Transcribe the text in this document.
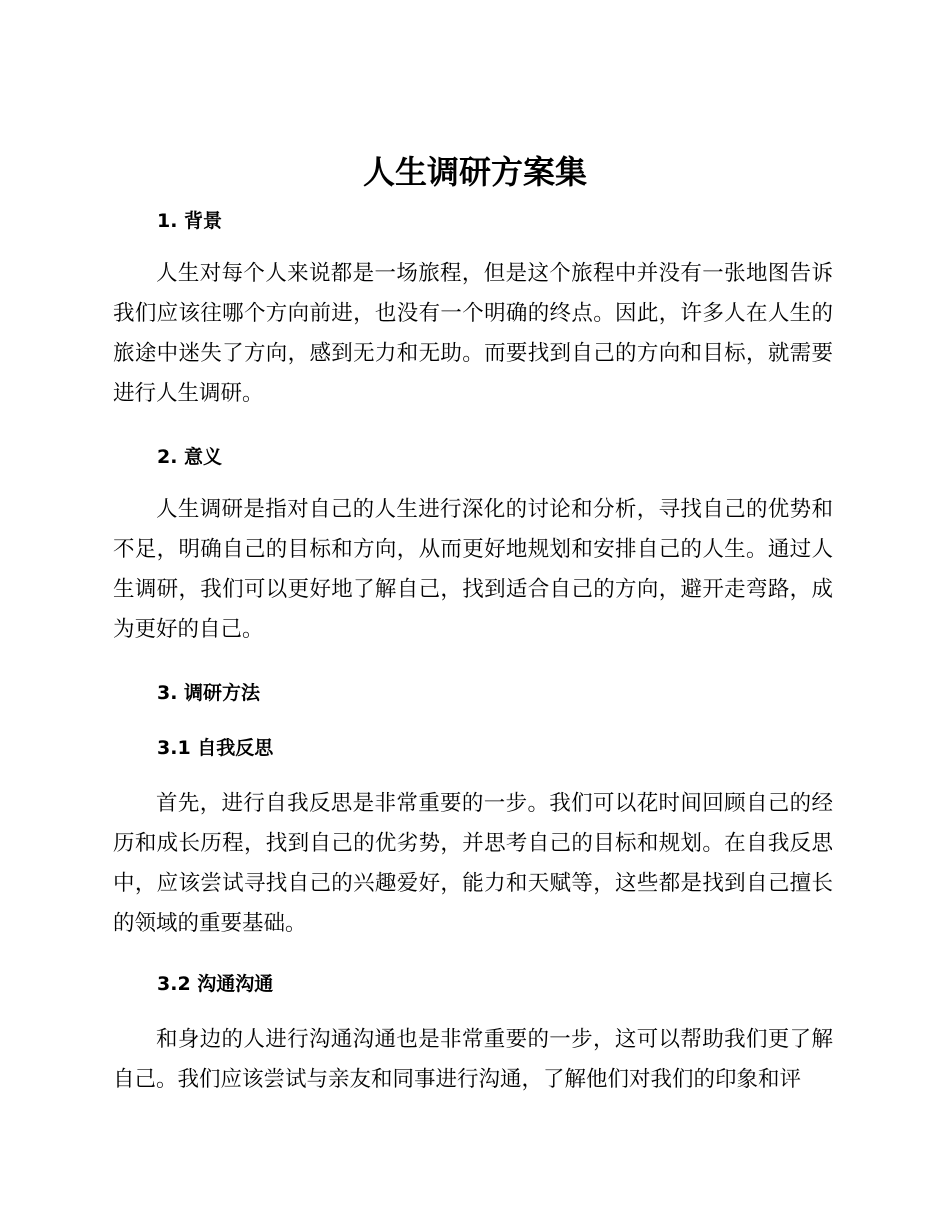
人生调研方案集
1. 背景

人生对每个人来说都是一场旅程，但是这个旅程中并没有一张地图告诉我们应该往哪个方向前进，也没有一个明确的终点。因此，许多人在人生的旅途中迷失了方向，感到无力和无助。而要找到自己的方向和目标，就需要进行人生调研。

2. 意义

人生调研是指对自己的人生进行深化的讨论和分析，寻找自己的优势和不足，明确自己的目标和方向，从而更好地规划和安排自己的人生。通过人生调研，我们可以更好地了解自己，找到适合自己的方向，避开走弯路，成为更好的自己。

3. 调研方法
3.1 自我反思

首先，进行自我反思是非常重要的一步。我们可以花时间回顾自己的经历和成长历程，找到自己的优劣势，并思考自己的目标和规划。在自我反思中，应该尝试寻找自己的兴趣爱好，能力和天赋等，这些都是找到自己擅长的领域的重要基础。

3.2 沟通沟通

和身边的人进行沟通沟通也是非常重要的一步，这可以帮助我们更了解自己。我们应该尝试与亲友和同事进行沟通，了解他们对我们的印象和评
